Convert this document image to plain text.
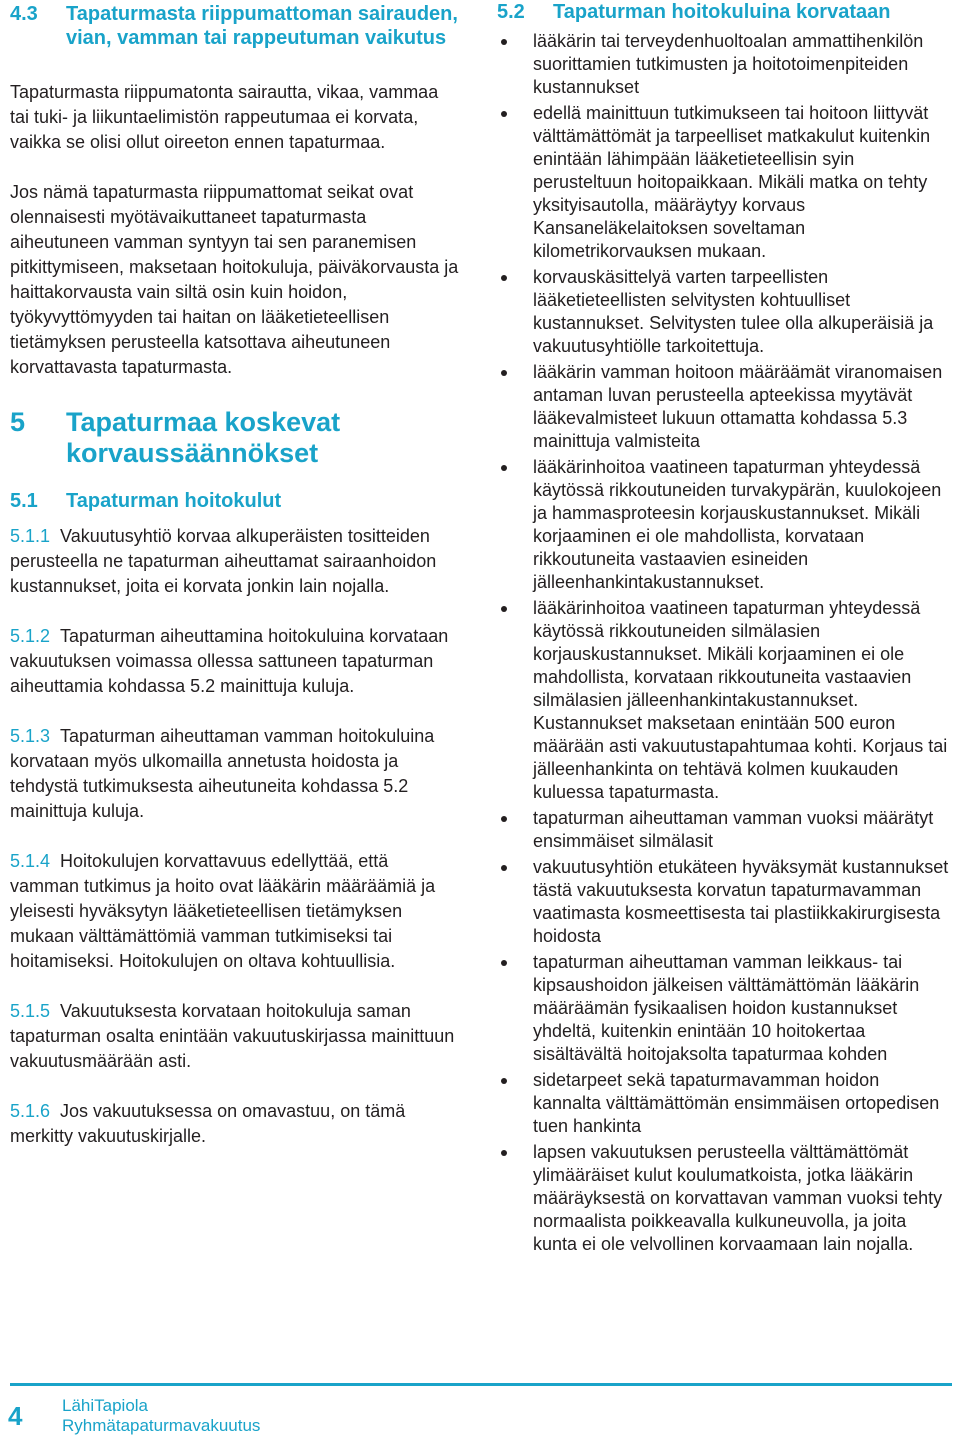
4.3	Tapaturmasta riippumattoman sairauden, vian, vamman tai rappeutuman vaikutus

Tapaturmasta riippumatonta sairautta, vikaa, vammaa tai tuki- ja liikuntaelimistön rappeutumaa ei korvata, vaikka se olisi ollut oireeton ennen tapaturmaa.

Jos nämä tapaturmasta riippumattomat seikat ovat olennaisesti myötävaikuttaneet tapaturmasta aiheutuneen vamman syntyyn tai sen paranemisen pitkittymiseen, maksetaan hoitokuluja, päiväkorvausta ja haittakorvausta vain siltä osin kuin hoidon, työkyvyttömyyden tai haitan on lääketieteellisen tietämyksen perusteella katsottava aiheutuneen korvattavasta tapaturmasta.

5	Tapaturmaa koskevat korvaussäännökset
5.1	Tapaturman hoitokulut

5.1.1 Vakuutusyhtiö korvaa alkuperäisten tositteiden perusteella ne tapaturman aiheuttamat sairaanhoidon kustannukset, joita ei korvata jonkin lain nojalla.

5.1.2 Tapaturman aiheuttamina hoitokuluina korvataan vakuutuksen voimassa ollessa sattuneen tapaturman aiheuttamia kohdassa 5.2 mainittuja kuluja.

5.1.3 Tapaturman aiheuttaman vamman hoitokuluina korvataan myös ulkomailla annetusta hoidosta ja tehdystä tutkimuksesta aiheutuneita kohdassa 5.2 mainittuja kuluja.

5.1.4 Hoitokulujen korvattavuus edellyttää, että vamman tutkimus ja hoito ovat lääkärin määräämiä ja yleisesti hyväksytyn lääketieteellisen tietämyksen mukaan välttämättömiä vamman tutkimiseksi tai hoitamiseksi. Hoitokulujen on oltava kohtuullisia.

5.1.5 Vakuutuksesta korvataan hoitokuluja saman tapaturman osalta enintään vakuutuskirjassa mainittuun vakuutusmäärään asti.

5.1.6 Jos vakuutuksessa on omavastuu, on tämä merkitty vakuutuskirjalle.

5.2	Tapaturman hoitokuluina korvataan
lääkärin tai terveydenhuoltoalan ammattihenkilön suorittamien tutkimusten ja hoitotoimenpiteiden kustannukset
edellä mainittuun tutkimukseen tai hoitoon liittyvät välttämättömät ja tarpeelliset matkakulut kuitenkin enintään lähimpään lääketieteellisin syin perusteltuun hoitopaikkaan. Mikäli matka on tehty yksityisautolla, määräytyy korvaus Kansaneläkelaitoksen soveltaman kilometrikorvauksen mukaan.
korvauskäsittelyä varten tarpeellisten lääketieteellisten selvitysten kohtuulliset kustannukset. Selvitysten tulee olla alkuperäisiä ja vakuutusyhtiölle tarkoitettuja.
lääkärin vamman hoitoon määräämät viranomaisen antaman luvan perusteella apteekissa myytävät lääkevalmisteet lukuun ottamatta kohdassa 5.3 mainittuja valmisteita
lääkärinhoitoa vaatineen tapaturman yhteydessä käytössä rikkoutuneiden turvakypärän, kuulokojeen ja hammasproteesin korjauskustannukset. Mikäli korjaaminen ei ole mahdollista, korvataan rikkoutuneita vastaavien esineiden jälleenhankintakustannukset.
lääkärinhoitoa vaatineen tapaturman yhteydessä käytössä rikkoutuneiden silmälasien korjauskustannukset. Mikäli korjaaminen ei ole mahdollista, korvataan rikkoutuneita vastaavien silmälasien jälleenhankintakustannukset. Kustannukset maksetaan enintään 500 euron määrään asti vakuutustapahtumaa kohti. Korjaus tai jälleenhankinta on tehtävä kolmen kuukauden kuluessa tapaturmasta.
tapaturman aiheuttaman vamman vuoksi määrätyt ensimmäiset silmälasit
vakuutusyhtiön etukäteen hyväksymät kustannukset tästä vakuutuksesta korvatun tapaturmavamman vaatimasta kosmeettisesta tai plastiikkakirurgisesta hoidosta
tapaturman aiheuttaman vamman leikkaus- tai kipsaushoidon jälkeisen välttämättömän lääkärin määräämän fysikaalisen hoidon kustannukset yhdeltä, kuitenkin enintään 10 hoitokertaa sisältävältä hoitojaksolta tapaturmaa kohden
sidetarpeet sekä tapaturmavamman hoidon kannalta välttämättömän ensimmäisen ortopedisen tuen hankinta
lapsen vakuutuksen perusteella välttämättömät ylimääräiset kulut koulumatkoista, jotka lääkärin määräyksestä on korvattavan vamman vuoksi tehty normaalista poikkeavalla kulkuneuvolla, ja joita kunta ei ole velvollinen korvaamaan lain nojalla.
4 LähiTapiola
Ryhmätapaturmavakuutus
